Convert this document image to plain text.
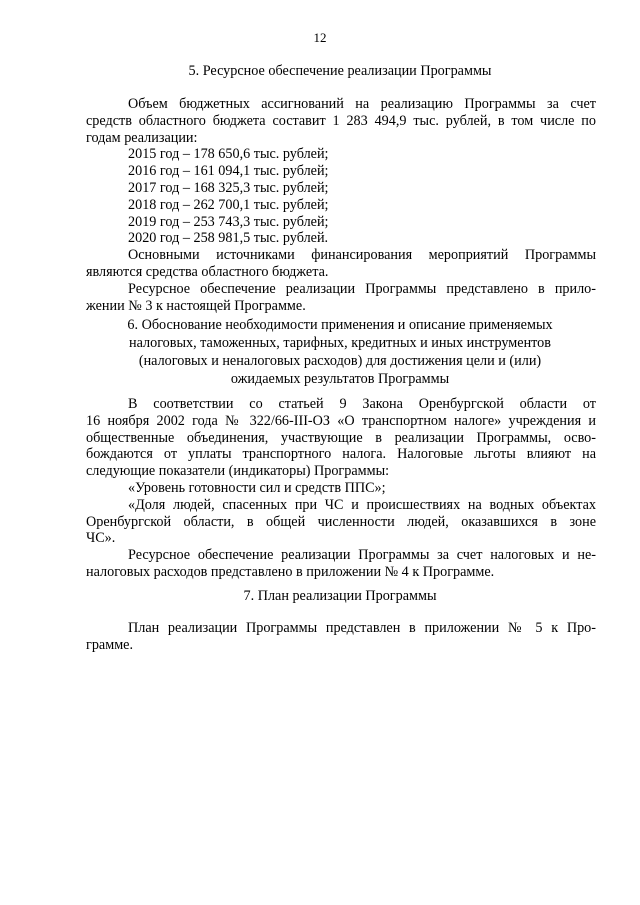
12
5. Ресурсное обеспечение реализации Программы
Объем бюджетных ассигнований на реализацию Программы за счет
средств областного бюджета составит 1 283 494,9 тыс. рублей, в том числе по
годам реализации:
2015 год – 178 650,6 тыс. рублей;
2016 год – 161 094,1 тыс. рублей;
2017 год – 168 325,3 тыс. рублей;
2018 год – 262 700,1 тыс. рублей;
2019 год – 253 743,3 тыс. рублей;
2020 год – 258 981,5 тыс. рублей.
Основными источниками финансирования мероприятий Программы
являются средства областного бюджета.
Ресурсное обеспечение реализации Программы представлено в прило-
жении № 3 к настоящей Программе.
6. Обоснование необходимости применения и описание применяемых
налоговых, таможенных, тарифных, кредитных и иных инструментов
(налоговых и неналоговых расходов) для достижения цели и (или)
ожидаемых результатов Программы
В соответствии со статьей 9 Закона Оренбургской области от
16 ноября 2002 года № 322/66-III-ОЗ «О транспортном налоге» учреждения и
общественные объединения, участвующие в реализации Программы, осво-
бождаются от уплаты транспортного налога. Налоговые льготы влияют на
следующие показатели (индикаторы) Программы:
«Уровень готовности сил и средств ППС»;
«Доля людей, спасенных при ЧС и происшествиях на водных объектах
Оренбургской области, в общей численности людей, оказавшихся в зоне
ЧС».
Ресурсное обеспечение реализации Программы за счет налоговых и не-
налоговых расходов представлено в приложении № 4 к Программе.
7. План реализации Программы
План реализации Программы представлен в приложении № 5 к Про-
грамме.
